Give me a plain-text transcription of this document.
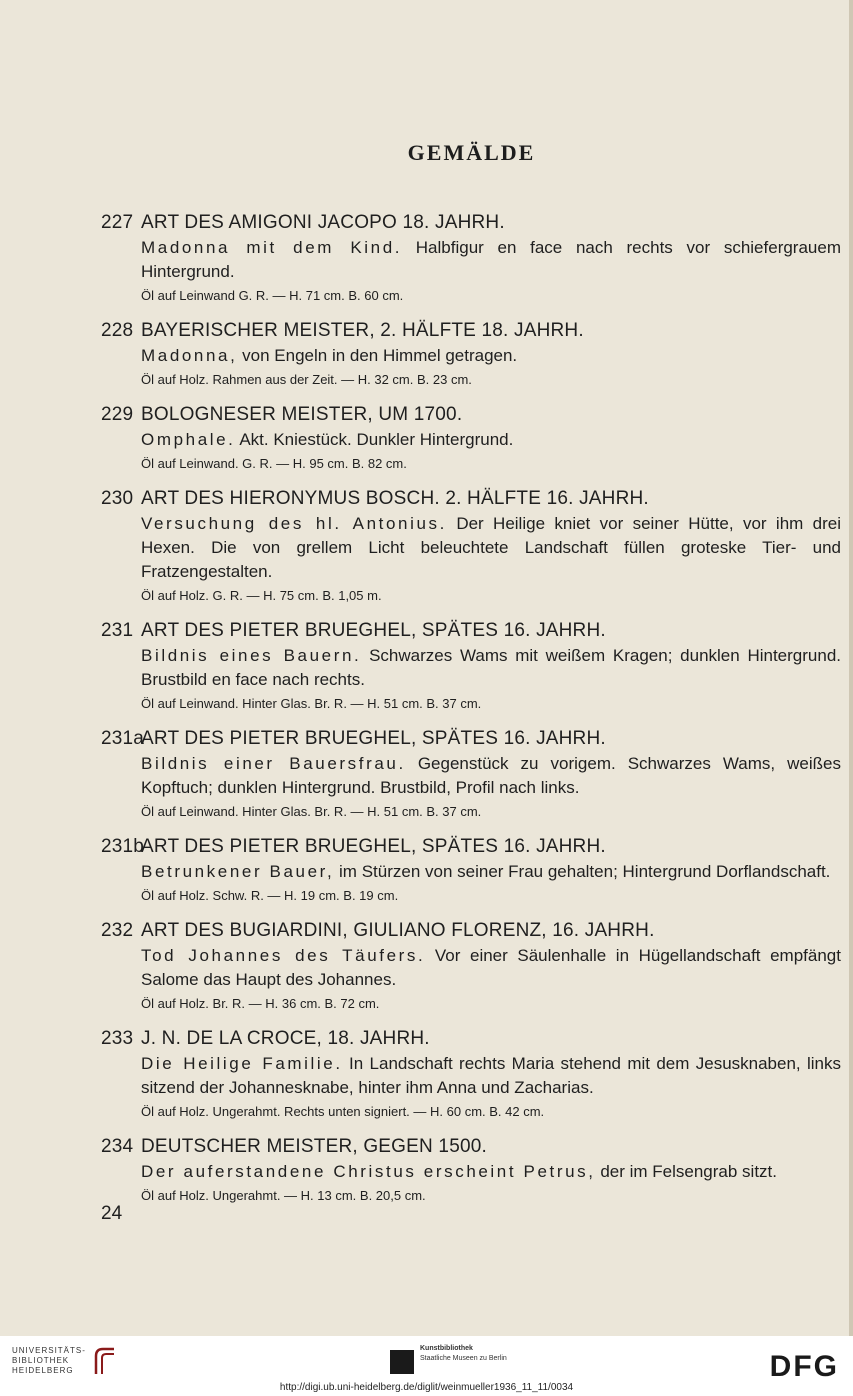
GEMÄLDE
227 ART DES AMIGONI JACOPO 18. JAHRH.
Madonna mit dem Kind. Halbfigur en face nach rechts vor schiefergrauem Hintergrund.
Öl auf Leinwand G. R. — H. 71 cm. B. 60 cm.
228 BAYERISCHER MEISTER, 2. HÄLFTE 18. JAHRH.
Madonna, von Engeln in den Himmel getragen.
Öl auf Holz. Rahmen aus der Zeit. — H. 32 cm. B. 23 cm.
229 BOLOGNESER MEISTER, UM 1700.
Omphale. Akt. Kniestück. Dunkler Hintergrund.
Öl auf Leinwand. G. R. — H. 95 cm. B. 82 cm.
230 ART DES HIERONYMUS BOSCH. 2. HÄLFTE 16. JAHRH.
Versuchung des hl. Antonius. Der Heilige kniet vor seiner Hütte, vor ihm drei Hexen. Die von grellem Licht beleuchtete Landschaft füllen groteske Tier- und Fratzengestalten.
Öl auf Holz. G. R. — H. 75 cm. B. 1,05 m.
231 ART DES PIETER BRUEGHEL, SPÄTES 16. JAHRH.
Bildnis eines Bauern. Schwarzes Wams mit weißem Kragen; dunklen Hintergrund. Brustbild en face nach rechts.
Öl auf Leinwand. Hinter Glas. Br. R. — H. 51 cm. B. 37 cm.
231a
ART DES PIETER BRUEGHEL, SPÄTES 16. JAHRH.
Bildnis einer Bauersfrau. Gegenstück zu vorigem. Schwarzes Wams, weißes Kopftuch; dunklen Hintergrund. Brustbild, Profil nach links.
Öl auf Leinwand. Hinter Glas. Br. R. — H. 51 cm. B. 37 cm.
231b
ART DES PIETER BRUEGHEL, SPÄTES 16. JAHRH.
Betrunkener Bauer, im Stürzen von seiner Frau gehalten; Hintergrund Dorflandschaft.
Öl auf Holz. Schw. R. — H. 19 cm. B. 19 cm.
232 ART DES BUGIARDINI, GIULIANO FLORENZ, 16. JAHRH.
Tod Johannes des Täufers. Vor einer Säulenhalle in Hügellandschaft empfängt Salome das Haupt des Johannes.
Öl auf Holz. Br. R. — H. 36 cm. B. 72 cm.
233 J. N. DE LA CROCE, 18. JAHRH.
Die Heilige Familie. In Landschaft rechts Maria stehend mit dem Jesusknaben, links sitzend der Johannesknabe, hinter ihm Anna und Zacharias.
Öl auf Holz. Ungerahmt. Rechts unten signiert. — H. 60 cm. B. 42 cm.
234 DEUTSCHER MEISTER, GEGEN 1500.
Der auferstandene Christus erscheint Petrus, der im Felsengrab sitzt.
Öl auf Holz. Ungerahmt. — H. 13 cm. B. 20,5 cm.
24
UNIVERSITÄTS-
BIBLIOTHEK
HEIDELBERG
Kunstbibliothek
Staatliche Museen zu Berlin	DFG
http://digi.ub.uni-heidelberg.de/diglit/weinmueller1936_11_11/0034
